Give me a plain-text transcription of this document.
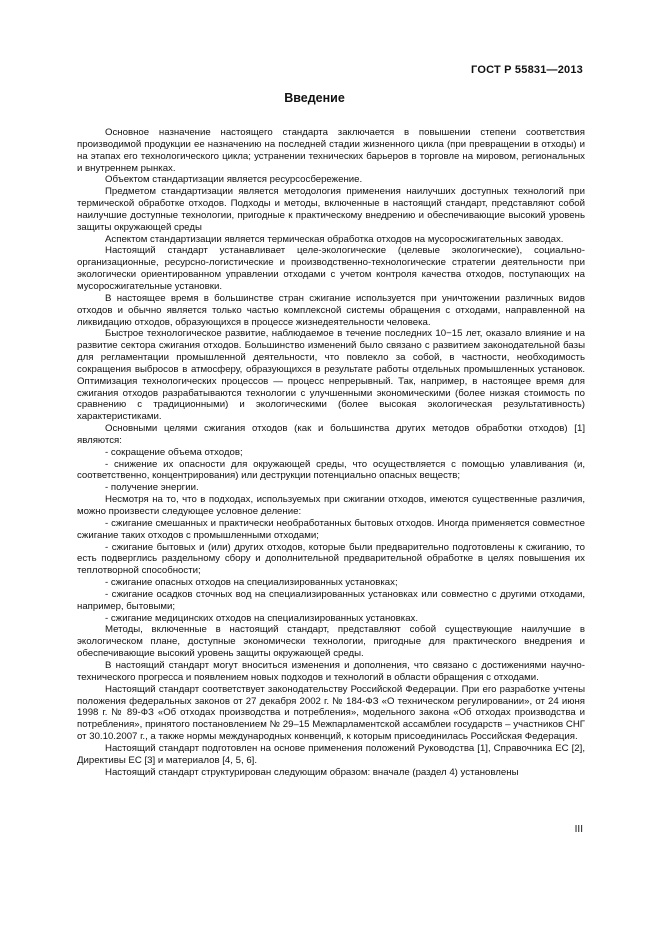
ГОСТ Р 55831—2013
Введение

Основное назначение настоящего стандарта заключается в повышении степени соответствия производимой продукции ее назначению на последней стадии жизненного цикла (при превращении в отходы) и на этапах его технологического цикла; устранении технических барьеров в торговле на мировом, региональных и внутреннем рынках.

Объектом стандартизации является ресурсосбережение.

Предметом стандартизации является методология применения наилучших доступных технологий при термической обработке отходов. Подходы и методы, включенные в настоящий стандарт, представляют собой наилучшие доступные технологии, пригодные к практическому внедрению и обеспечивающие высокий уровень защиты окружающей среды

Аспектом стандартизации является термическая обработка отходов на мусоросжигательных заводах.

Настоящий стандарт устанавливает целе-экологические (целевые экологические), социально-организационные, ресурсно-логистические и производственно-технологические стратегии деятельности при экологически ориентированном управлении отходами с учетом контроля качества отходов, поступающих на мусоросжигательные установки.

В настоящее время в большинстве стран сжигание используется при уничтожении различных видов отходов и обычно является только частью комплексной системы обращения с отходами, направленной на ликвидацию отходов, образующихся в процессе жизнедеятельности человека.

Быстрое технологическое развитие, наблюдаемое в течение последних 10−15 лет, оказало влияние и на развитие сектора сжигания отходов. Большинство изменений было связано с развитием законодательной базы для регламентации промышленной деятельности, что повлекло за собой, в частности, необходимость сокращения выбросов в атмосферу, образующихся в результате работы отдельных промышленных установок. Оптимизация технологических процессов — процесс непрерывный. Так, например, в настоящее время для сжигания отходов разрабатываются технологии с улучшенными экономическими (более низкая стоимость по сравнению с традиционными) и экологическими (более высокая экологическая результативность) характеристиками.

Основными целями сжигания отходов (как и большинства других методов обработки отходов) [1] являются:

- сокращение объема отходов;

- снижение их опасности для окружающей среды, что осуществляется с помощью улавливания (и, соответственно, концентрирования) или деструкции потенциально опасных веществ;

- получение энергии.

Несмотря на то, что в подходах, используемых при сжигании отходов, имеются существенные различия, можно произвести следующее условное деление:

- сжигание смешанных и практически необработанных бытовых отходов. Иногда применяется совместное сжигание таких отходов с промышленными отходами;

- сжигание бытовых и (или) других отходов, которые были предварительно подготовлены к сжиганию, то есть подверглись раздельному сбору и дополнительной предварительной обработке в целях повышения их теплотворной способности;

- сжигание опасных отходов на специализированных установках;

- сжигание осадков сточных вод на специализированных установках или совместно с другими отходами, например, бытовыми;

- сжигание медицинских отходов на специализированных установках.

Методы, включенные в настоящий стандарт, представляют собой существующие наилучшие в экологическом плане, доступные экономически технологии, пригодные для практического внедрения и обеспечивающие высокий уровень защиты окружающей среды.

В настоящий стандарт могут вноситься изменения и дополнения, что связано с достижениями научно-технического прогресса и появлением новых подходов и технологий в области обращения с отходами.

Настоящий стандарт соответствует законодательству Российской Федерации. При его разработке учтены положения федеральных законов от 27 декабря 2002 г. № 184-ФЗ «О техническом регулировании», от 24 июня 1998 г. № 89-ФЗ «Об отходах производства и потребления», модельного закона «Об отходах производства и потребления», принятого постановлением № 29–15 Межпарламентской ассамблеи государств – участников СНГ от 30.10.2007 г., а также нормы международных конвенций, к которым присоединилась Российская Федерация.

Настоящий стандарт подготовлен на основе применения положений Руководства [1], Справочника ЕС [2], Директивы ЕС [3] и материалов [4, 5, 6].

Настоящий стандарт структурирован следующим образом: вначале (раздел 4) установлены

III
